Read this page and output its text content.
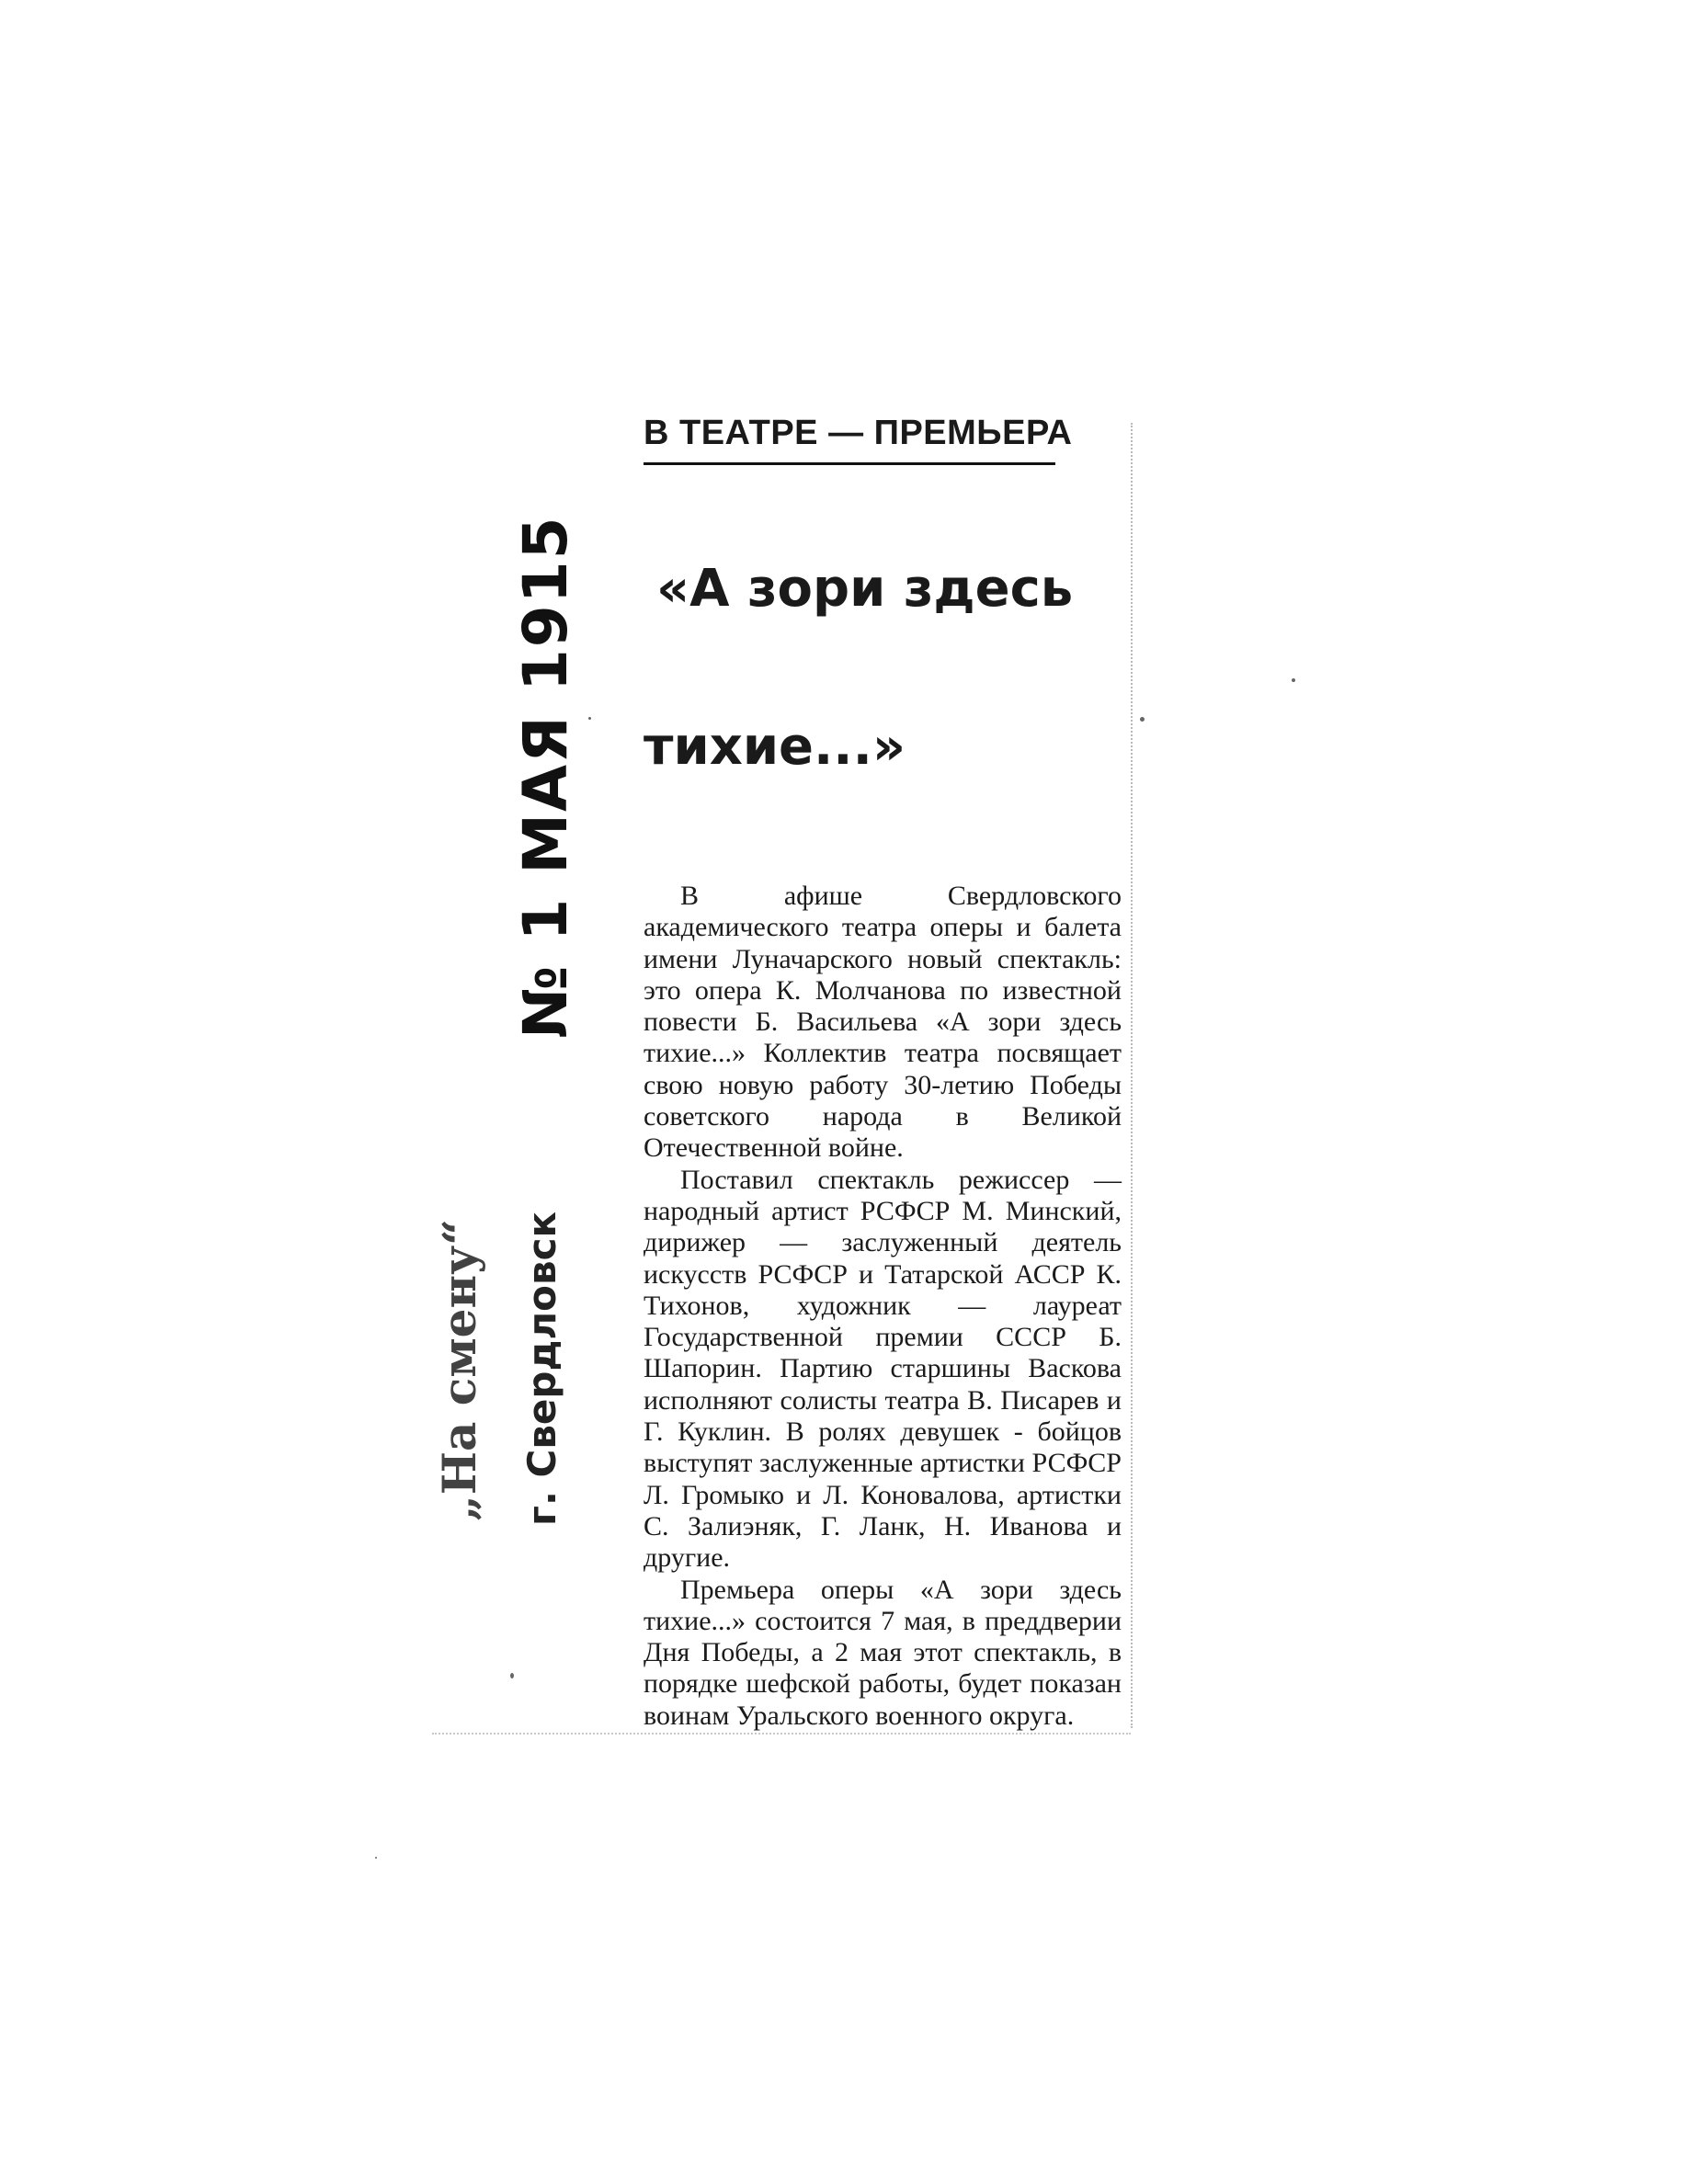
№ 1 МАЯ 1915
„На смену“ г. Свердловск
В ТЕАТРЕ — ПРЕМЬЕРА

«А зори здесь

тихие...»

В афише Свердловского академического театра оперы и балета имени Луначарского новый спектакль: это опера К. Молчанова по известной повести Б. Васильева «А зори здесь тихие...» Коллектив театра посвящает свою новую работу 30-летию Победы советского народа в Великой Отечественной войне.

Поставил спектакль режиссер — народный артист РСФСР М. Минский, дирижер — заслуженный деятель искусств РСФСР и Татарской АССР К. Тихонов, художник — лауреат Государственной премии СССР Б. Шапорин. Партию старшины Васкова исполняют солисты театра В. Писарев и Г. Куклин. В ролях девушек - бойцов выступят заслуженные артистки РСФСР Л. Громыко и Л. Коновалова, артистки С. Залиэняк, Г. Ланк, Н. Иванова и другие.

Премьера оперы «А зори здесь тихие...» состоится 7 мая, в преддверии Дня Победы, а 2 мая этот спектакль, в порядке шефской работы, будет показан воинам Уральского военного округа.
